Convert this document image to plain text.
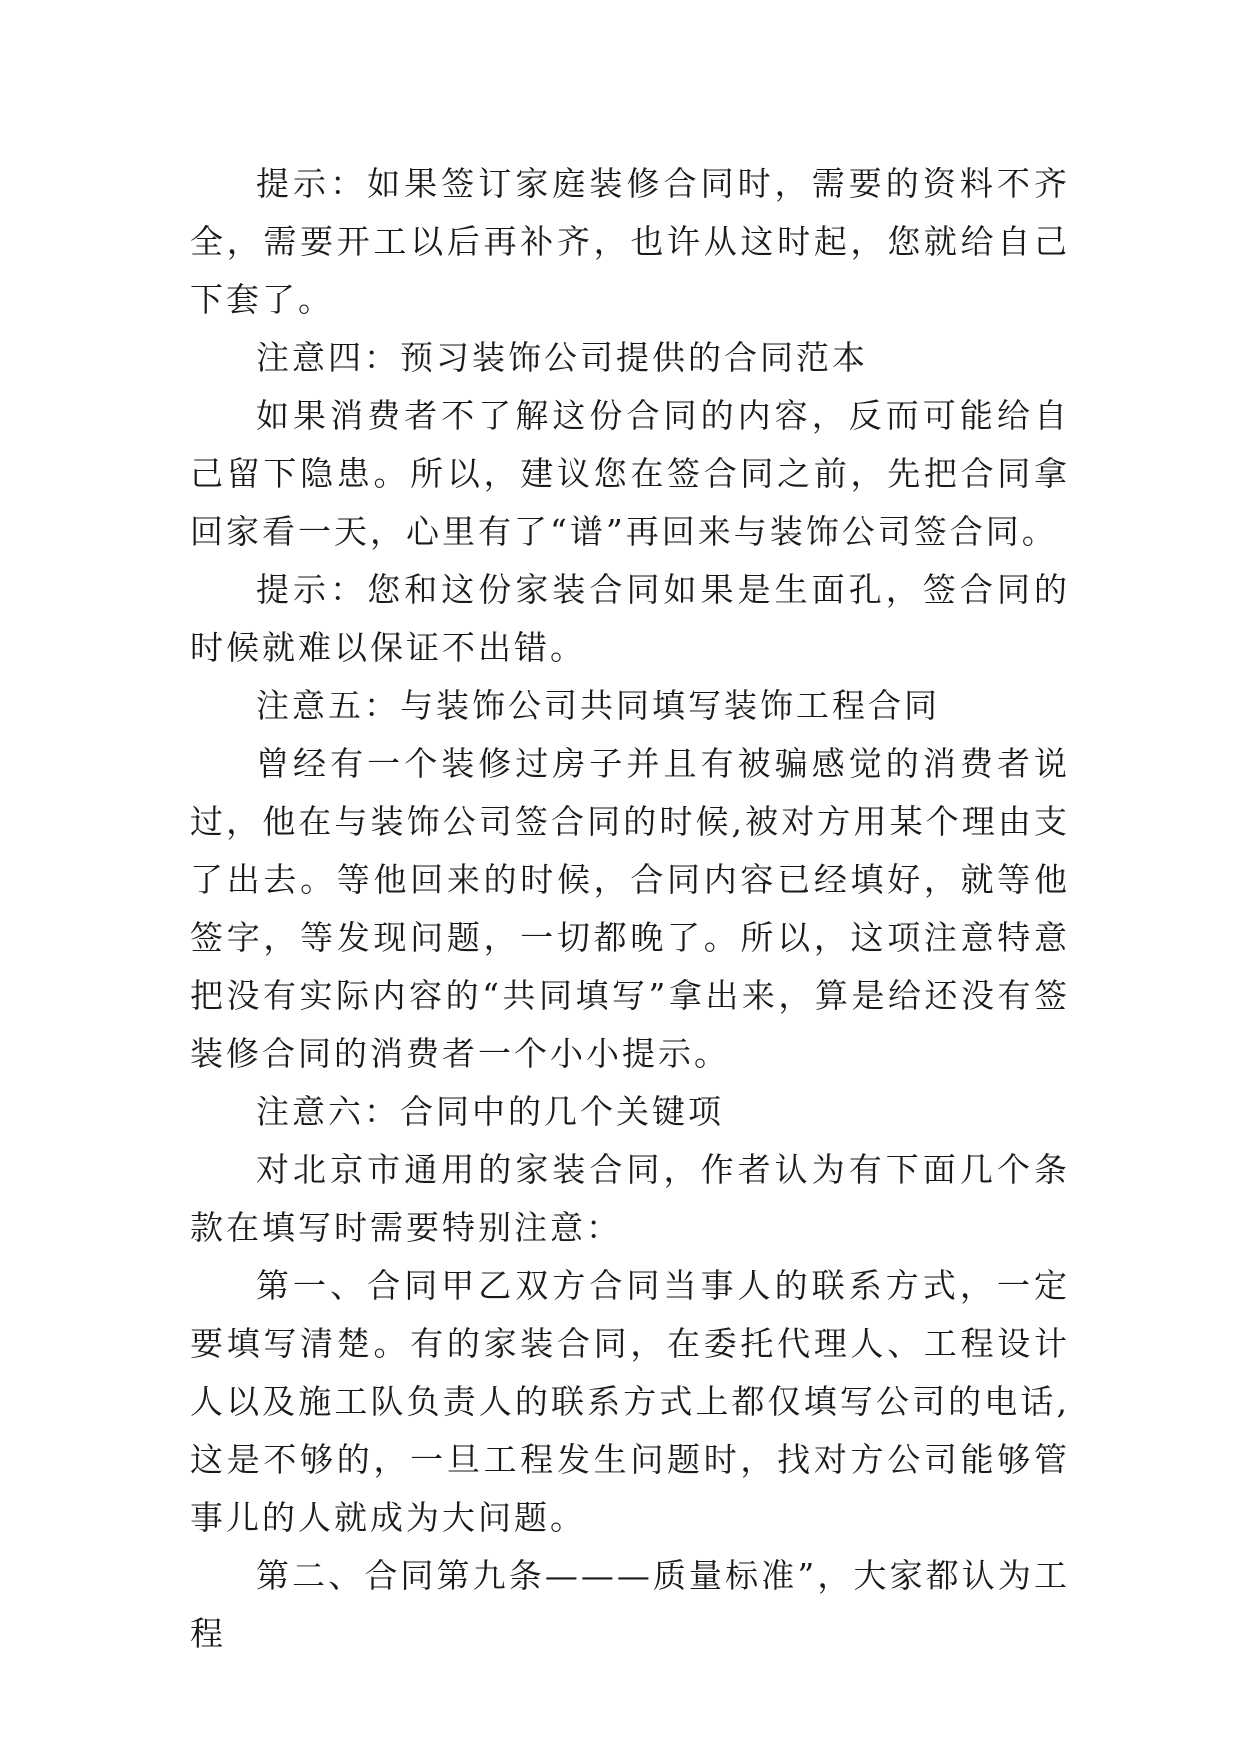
提示：如果签订家庭装修合同时，需要的资料不齐全，需要开工以后再补齐，也许从这时起，您就给自己下套了。

注意四：预习装饰公司提供的合同范本

如果消费者不了解这份合同的内容，反而可能给自己留下隐患。所以，建议您在签合同之前，先把合同拿回家看一天，心里有了“谱”再回来与装饰公司签合同。

提示：您和这份家装合同如果是生面孔，签合同的时候就难以保证不出错。

注意五：与装饰公司共同填写装饰工程合同

曾经有一个装修过房子并且有被骗感觉的消费者说过，他在与装饰公司签合同的时候,被对方用某个理由支了出去。等他回来的时候，合同内容已经填好，就等他签字，等发现问题，一切都晚了。所以，这项注意特意把没有实际内容的“共同填写”拿出来，算是给还没有签装修合同的消费者一个小小提示。

注意六：合同中的几个关键项

对北京市通用的家装合同，作者认为有下面几个条款在填写时需要特别注意：

第一、合同甲乙双方合同当事人的联系方式，一定要填写清楚。有的家装合同，在委托代理人、工程设计人以及施工队负责人的联系方式上都仅填写公司的电话,这是不够的，一旦工程发生问题时，找对方公司能够管事儿的人就成为大问题。

第二、合同第九条———质量标准”，大家都认为工程
